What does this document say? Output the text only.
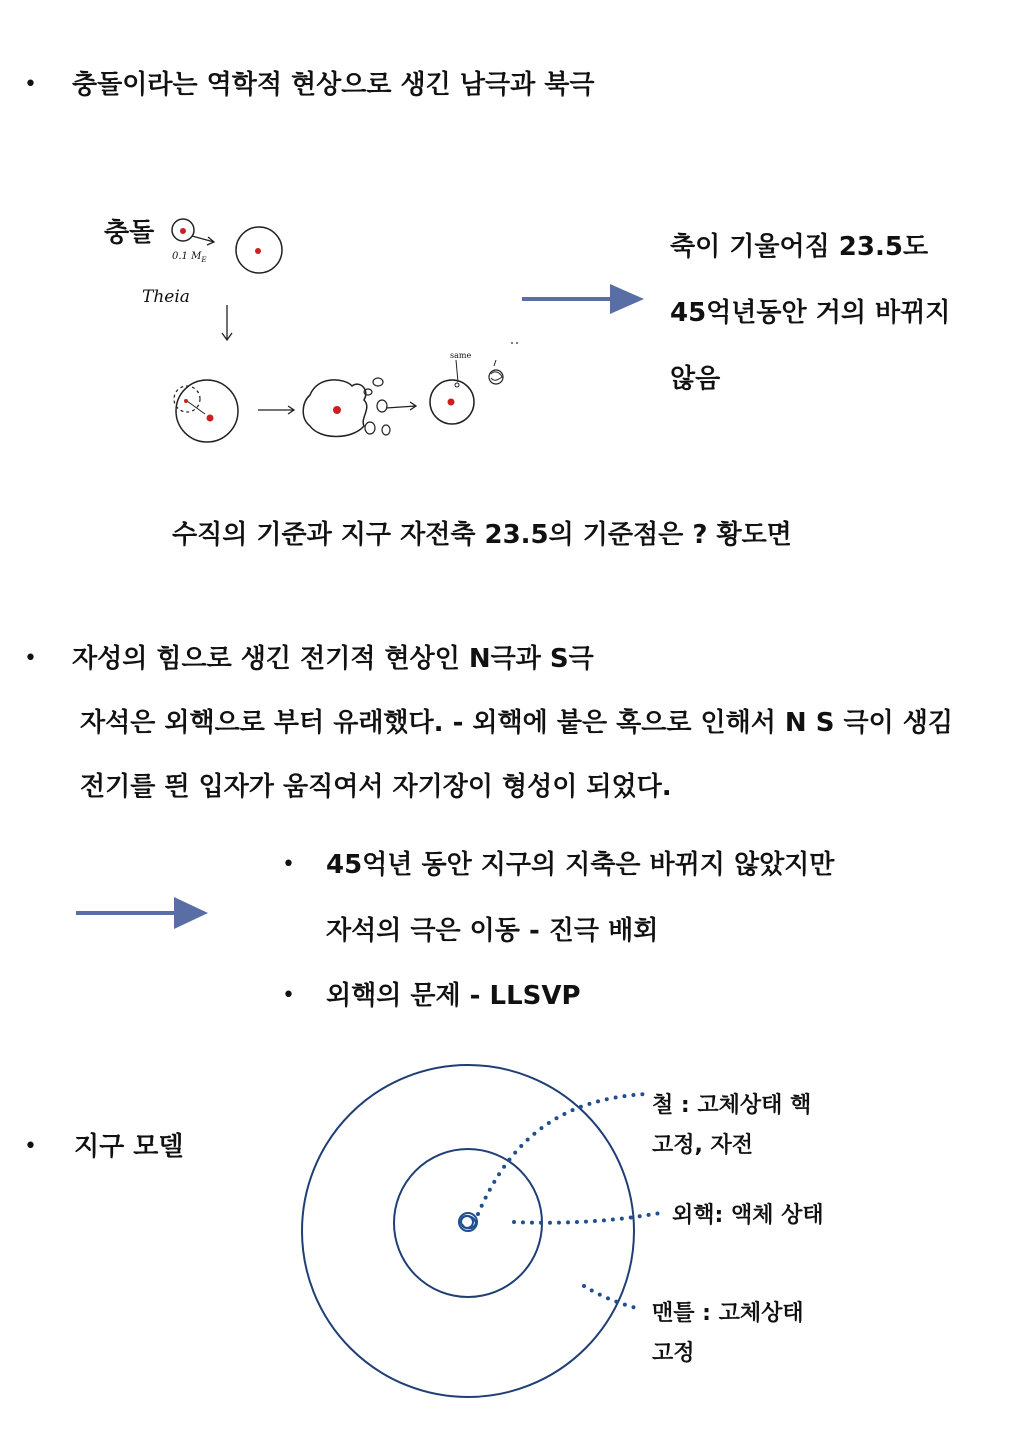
• 충돌이라는 역학적 현상으로 생긴 남극과 북극
충돌
0.1 $M_E$
Theia
same
축이 기울어짐 23.5도
45억년동안 거의 바뀌지
않음
수직의 기준과 지구 자전축 23.5의 기준점은 ? 황도면
• 자성의 힘으로 생긴 전기적 현상인 N극과 S극
자석은 외핵으로 부터 유래했다. - 외핵에 붙은 혹으로 인해서 N S 극이 생김
전기를 띈 입자가 움직여서 자기장이 형성이 되었다.
• 45억년 동안 지구의 지축은 바뀌지 않았지만
자석의 극은 이동 - 진극 배회
• 외핵의 문제 - LLSVP
• 지구 모델
철 : 고체상태 핵
고정, 자전
외핵: 액체 상태
맨틀 : 고체상태
고정
